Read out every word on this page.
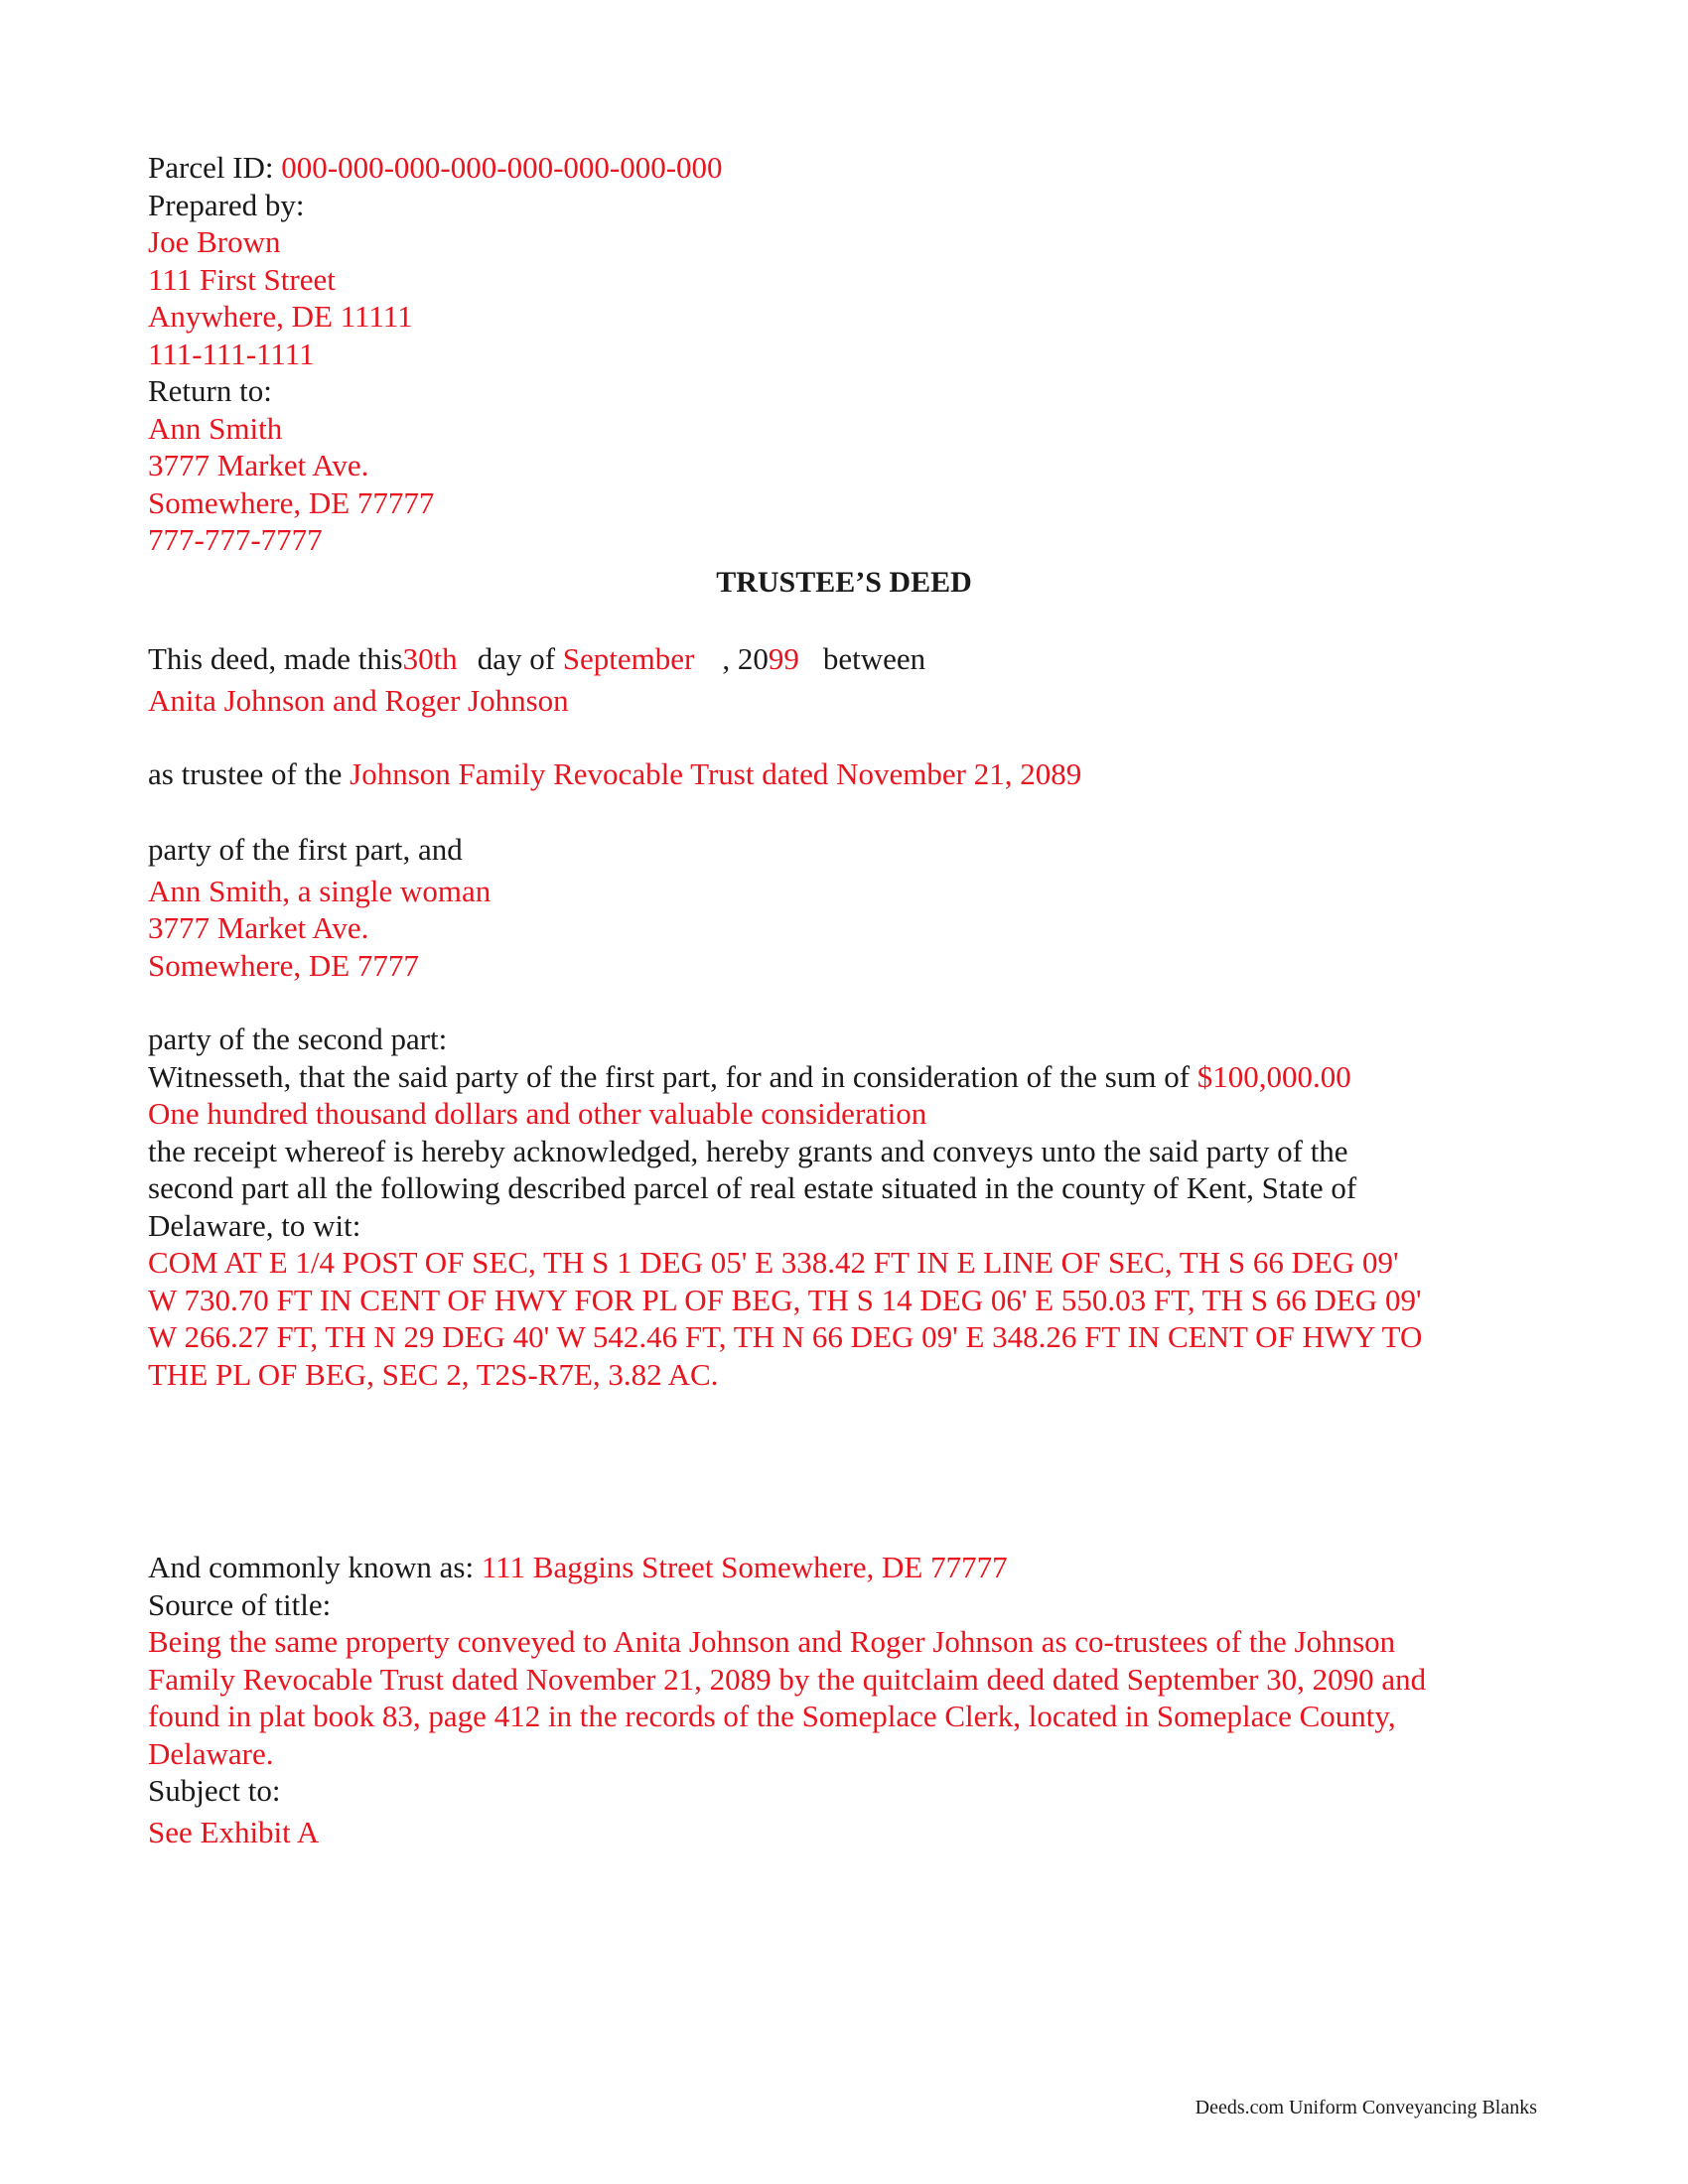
Parcel ID: 000-000-000-000-000-000-000-000
Prepared by:
Joe Brown
111 First Street
Anywhere, DE 11111
111-111-1111
Return to:
Ann Smith
3777 Market Ave.
Somewhere, DE 77777
777-777-7777
TRUSTEE’S DEED
This deed, made this30th day of September , 2099 between
Anita Johnson and Roger Johnson
as trustee of the Johnson Family Revocable Trust dated November 21, 2089
party of the first part, and
Ann Smith, a single woman
3777 Market Ave.
Somewhere, DE 7777
party of the second part:
Witnesseth, that the said party of the first part, for and in consideration of the sum of $100,000.00
One hundred thousand dollars and other valuable consideration
the receipt whereof is hereby acknowledged, hereby grants and conveys unto the said party of the
second part all the following described parcel of real estate situated in the county of Kent, State of
Delaware, to wit:
COM AT E 1/4 POST OF SEC, TH S 1 DEG 05' E 338.42 FT IN E LINE OF SEC, TH S 66 DEG 09'
W 730.70 FT IN CENT OF HWY FOR PL OF BEG, TH S 14 DEG 06' E 550.03 FT, TH S 66 DEG 09'
W 266.27 FT, TH N 29 DEG 40' W 542.46 FT, TH N 66 DEG 09' E 348.26 FT IN CENT OF HWY TO
THE PL OF BEG, SEC 2, T2S-R7E, 3.82 AC.
And commonly known as: 111 Baggins Street Somewhere, DE 77777
Source of title:
Being the same property conveyed to Anita Johnson and Roger Johnson as co-trustees of the Johnson
Family Revocable Trust dated November 21, 2089 by the quitclaim deed dated September 30, 2090 and
found in plat book 83, page 412 in the records of the Someplace Clerk, located in Someplace County,
Delaware.
Subject to:
See Exhibit A
Deeds.com Uniform Conveyancing Blanks
